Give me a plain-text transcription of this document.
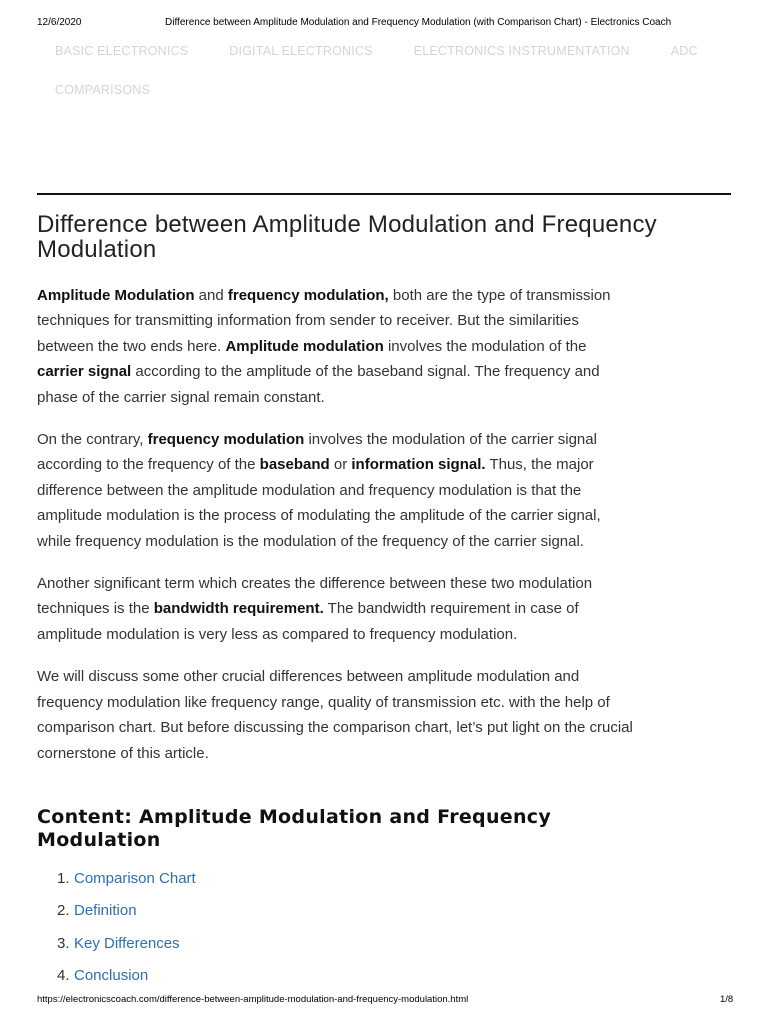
12/6/2020	Difference between Amplitude Modulation and Frequency Modulation (with Comparison Chart) - Electronics Coach
BASIC ELECTRONICS	DIGITAL ELECTRONICS	ELECTRONICS INSTRUMENTATION	ADC
COMPARISONS
Difference between Amplitude Modulation and Frequency Modulation

Amplitude Modulation and frequency modulation, both are the type of transmission techniques for transmitting information from sender to receiver. But the similarities between the two ends here. Amplitude modulation involves the modulation of the carrier signal according to the amplitude of the baseband signal. The frequency and phase of the carrier signal remain constant.

On the contrary, frequency modulation involves the modulation of the carrier signal according to the frequency of the baseband or information signal. Thus, the major difference between the amplitude modulation and frequency modulation is that the amplitude modulation is the process of modulating the amplitude of the carrier signal, while frequency modulation is the modulation of the frequency of the carrier signal.

Another significant term which creates the difference between these two modulation techniques is the bandwidth requirement. The bandwidth requirement in case of amplitude modulation is very less as compared to frequency modulation.

We will discuss some other crucial differences between amplitude modulation and frequency modulation like frequency range, quality of transmission etc. with the help of comparison chart. But before discussing the comparison chart, let’s put light on the crucial cornerstone of this article.

Content: Amplitude Modulation and Frequency Modulation
1. Comparison Chart
2. Definition
3. Key Differences
4. Conclusion
https://electronicscoach.com/difference-between-amplitude-modulation-and-frequency-modulation.html	1/8
